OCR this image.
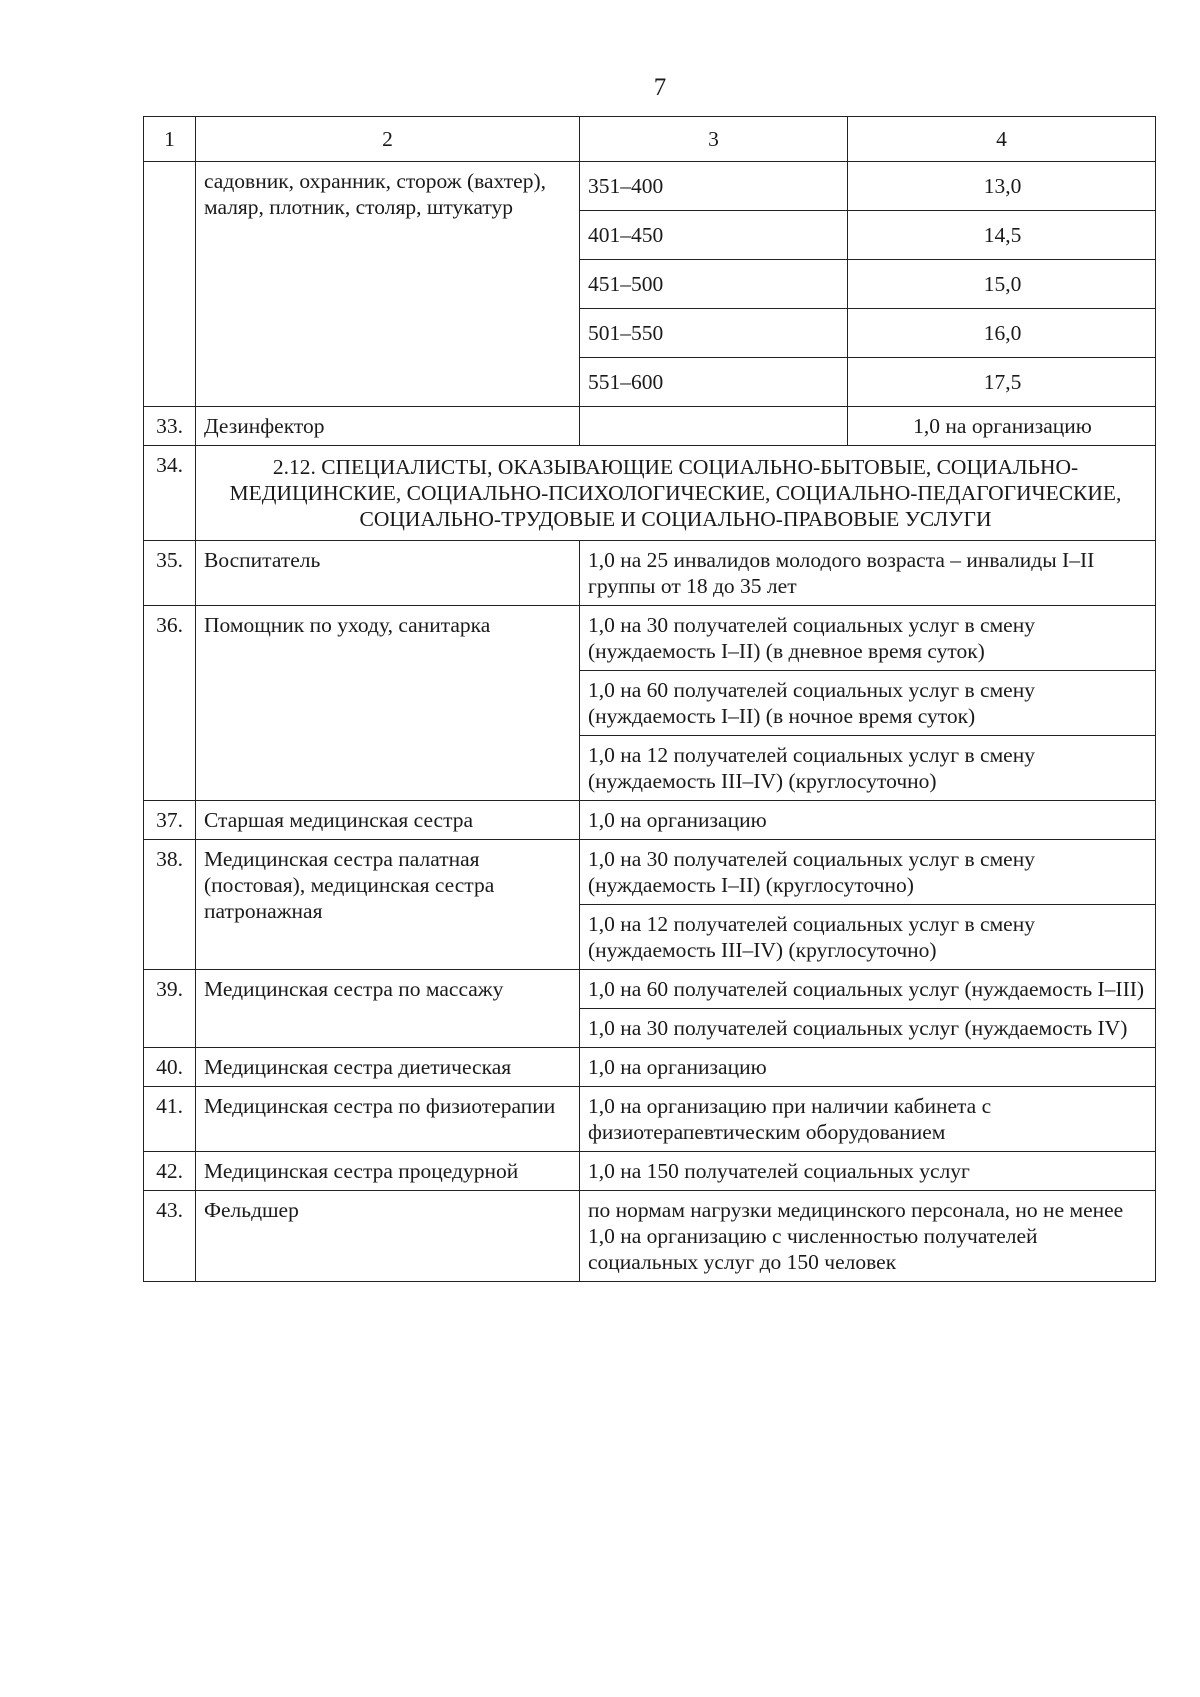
7
1	2	3	4
	садовник, охранник, сторож (вахтер), маляр, плотник, столяр, штукатур	351–400	13,0
		401–450	14,5
		451–500	15,0
		501–550	16,0
		551–600	17,5
33.	Дезинфектор		1,0 на организацию
34.	2.12. СПЕЦИАЛИСТЫ, ОКАЗЫВАЮЩИЕ СОЦИАЛЬНО-БЫТОВЫЕ, СОЦИАЛЬНО-МЕДИЦИНСКИЕ, СОЦИАЛЬНО-ПСИХОЛОГИЧЕСКИЕ, СОЦИАЛЬНО-ПЕДАГОГИЧЕСКИЕ, СОЦИАЛЬНО-ТРУДОВЫЕ И СОЦИАЛЬНО-ПРАВОВЫЕ УСЛУГИ		
35.	Воспитатель	1,0 на 25 инвалидов молодого возраста – инвалиды I–II группы от 18 до 35 лет	
36.	Помощник по уходу, санитарка	1,0 на 30 получателей социальных услуг в смену (нуждаемость I–II) (в дневное время суток)	
		1,0 на 60 получателей социальных услуг в смену (нуждаемость I–II) (в ночное время суток)	
		1,0 на 12 получателей социальных услуг в смену (нуждаемость III–IV) (круглосуточно)	
37.	Старшая медицинская сестра	1,0 на организацию	
38.	Медицинская сестра палатная (постовая), медицинская сестра патронажная	1,0 на 30 получателей социальных услуг в смену (нуждаемость I–II) (круглосуточно)	
		1,0 на 12 получателей социальных услуг в смену (нуждаемость III–IV) (круглосуточно)	
39.	Медицинская сестра по массажу	1,0 на 60 получателей социальных услуг (нуждаемость I–III)	
		1,0 на 30 получателей социальных услуг (нуждаемость IV)	
40.	Медицинская сестра диетическая	1,0 на организацию	
41.	Медицинская сестра по физиотерапии	1,0 на организацию при наличии кабинета с физиотерапевтическим оборудованием	
42.	Медицинская сестра процедурной	1,0 на 150 получателей социальных услуг	
43.	Фельдшер	по нормам нагрузки медицинского персонала, но не менее 1,0 на организацию с численностью получателей социальных услуг до 150 человек	
